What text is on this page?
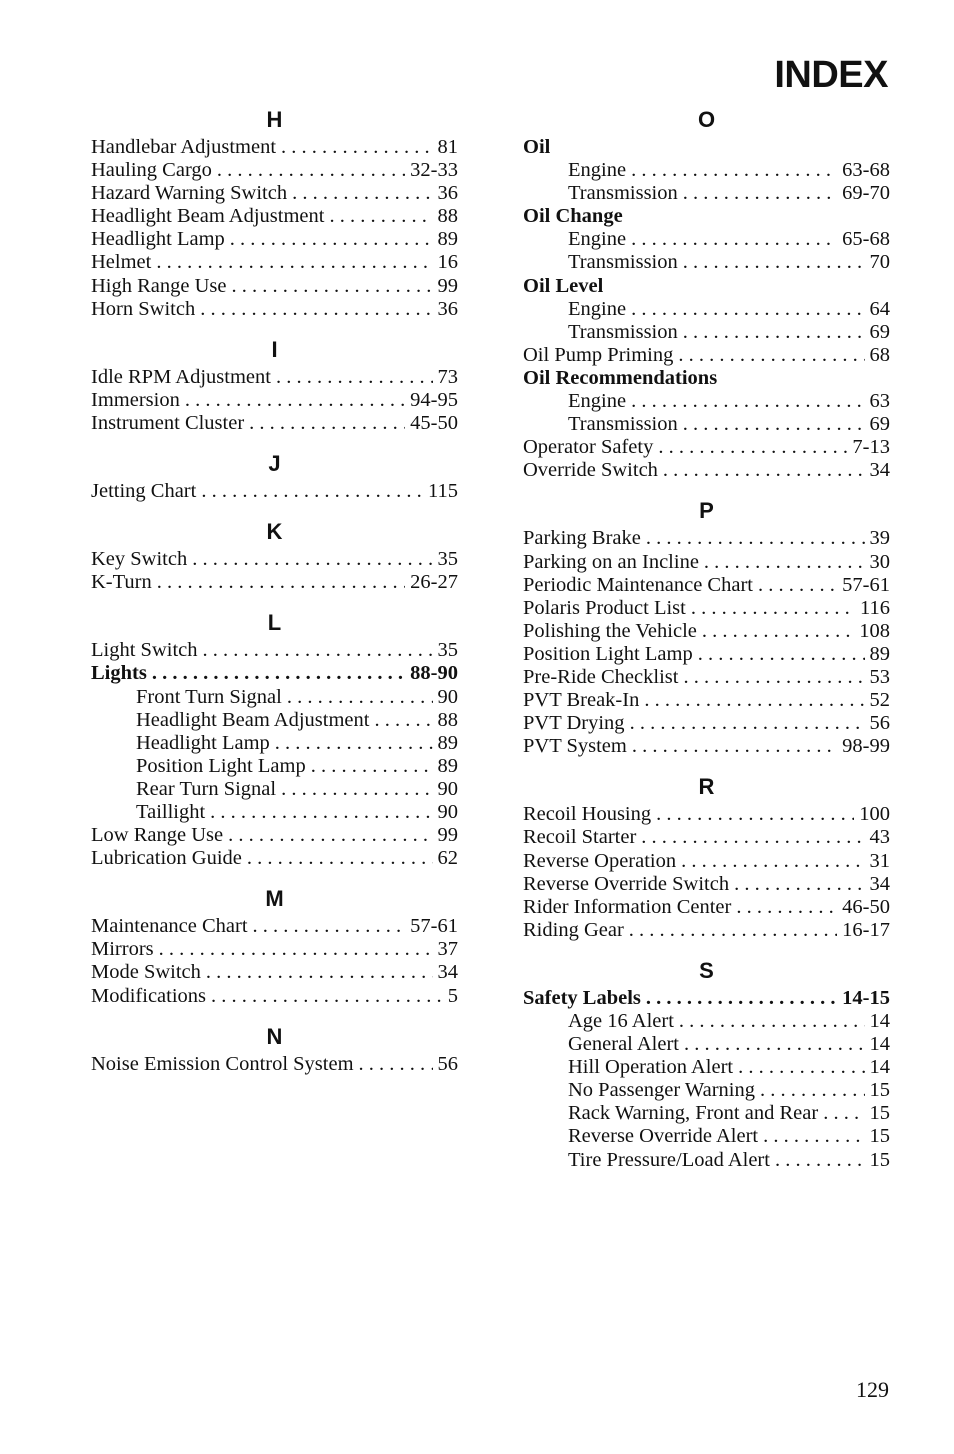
INDEX
H
Handlebar Adjustment . . .	81
Hauling Cargo . . .	32-33
Hazard Warning Switch . . .	36
Headlight Beam Adjustment . . .	88
Headlight Lamp . . .	89
Helmet . . .	16
High Range Use . . .	99
Horn Switch . . .	36
I
Idle RPM Adjustment . . .	73
Immersion . . .	94-95
Instrument Cluster . . .	45-50
J
Jetting Chart . . .	115
K
Key Switch . . .	35
K-Turn . . .	26-27
L
Light Switch . . .	35
Lights . . .	88-90
Front Turn Signal . . .	90
Headlight Beam Adjustment . . .	88
Headlight Lamp . . .	89
Position Light Lamp . . .	89
Rear Turn Signal . . .	90
Taillight . . .	90
Low Range Use . . .	99
Lubrication Guide . . .	62
M
Maintenance Chart . . .	57-61
Mirrors . . .	37
Mode Switch . . .	34
Modifications . . .	5
N
Noise Emission Control System . . .	56
O
Oil
Engine . . .	63-68
Transmission . . .	69-70
Oil Change
Engine . . .	65-68
Transmission . . .	70
Oil Level
Engine . . .	64
Transmission . . .	69
Oil Pump Priming . . .	68
Oil Recommendations
Engine . . .	63
Transmission . . .	69
Operator Safety . . .	7-13
Override Switch . . .	34
P
Parking Brake . . .	39
Parking on an Incline . . .	30
Periodic Maintenance Chart . . .	57-61
Polaris Product List . . .	116
Polishing the Vehicle . . .	108
Position Light Lamp . . .	89
Pre-Ride Checklist . . .	53
PVT Break-In . . .	52
PVT Drying . . .	56
PVT System . . .	98-99
R
Recoil Housing . . .	100
Recoil Starter . . .	43
Reverse Operation . . .	31
Reverse Override Switch . . .	34
Rider Information Center . . .	46-50
Riding Gear . . .	16-17
S
Safety Labels . . .	14-15
Age 16 Alert . . .	14
General Alert . . .	14
Hill Operation Alert . . .	14
No Passenger Warning . . .	15
Rack Warning, Front and Rear . . .	15
Reverse Override Alert . . .	15
Tire Pressure/Load Alert . . .	15
129
